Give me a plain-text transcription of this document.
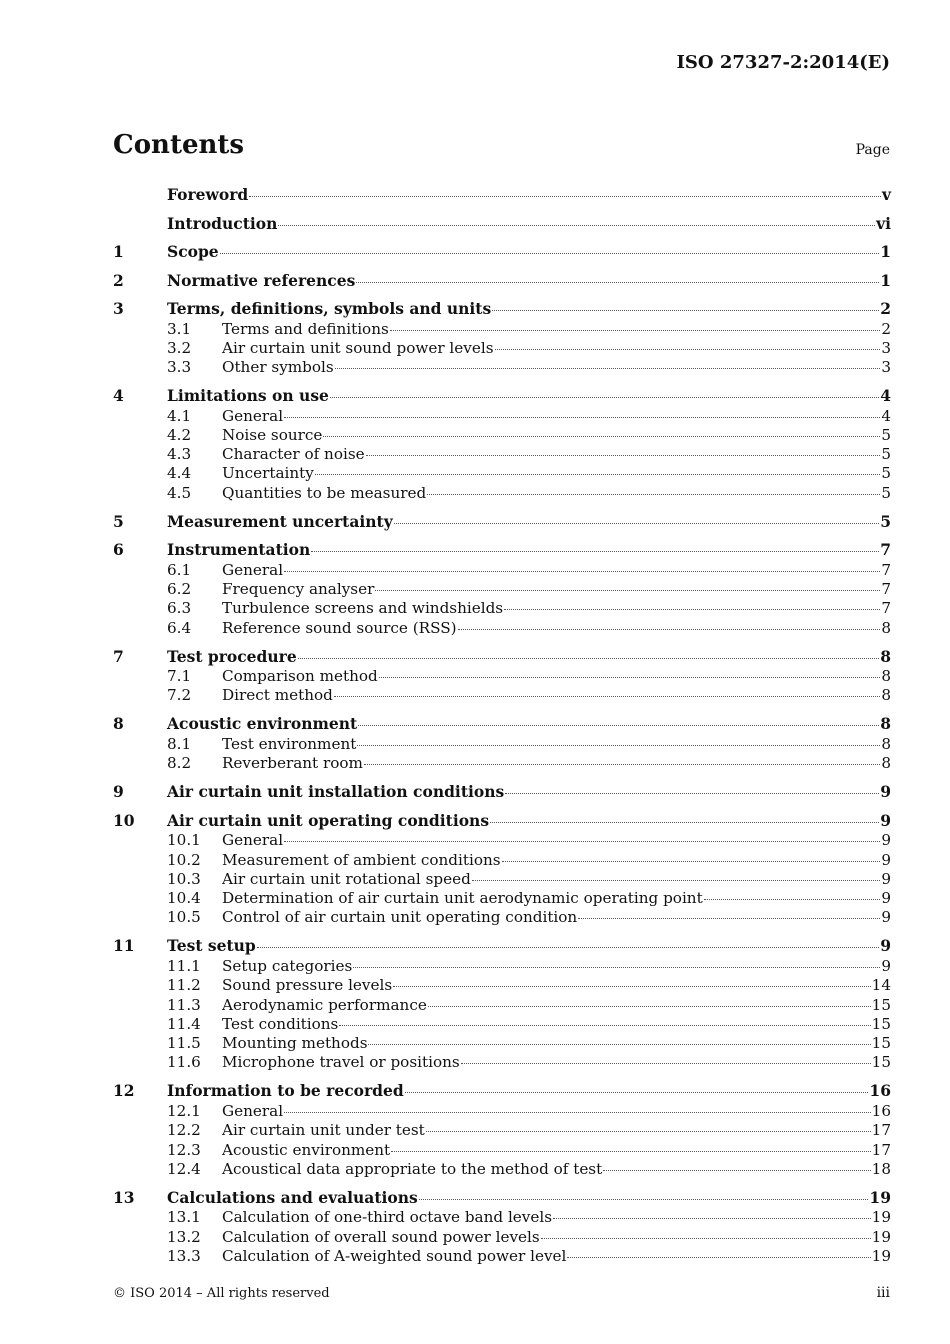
ISO 27327-2:2014(E)
Contents	Page
Foreword	v
Introduction	vi
1	Scope	1
2	Normative references	1
3	Terms, definitions, symbols and units	2
3.1	Terms and definitions	2
3.2	Air curtain unit sound power levels	3
3.3	Other symbols	3
4	Limitations on use	4
4.1	General	4
4.2	Noise source	5
4.3	Character of noise	5
4.4	Uncertainty	5
4.5	Quantities to be measured	5
5	Measurement uncertainty	5
6	Instrumentation	7
6.1	General	7
6.2	Frequency analyser	7
6.3	Turbulence screens and windshields	7
6.4	Reference sound source (RSS)	8
7	Test procedure	8
7.1	Comparison method	8
7.2	Direct method	8
8	Acoustic environment	8
8.1	Test environment	8
8.2	Reverberant room	8
9	Air curtain unit installation conditions	9
10	Air curtain unit operating conditions	9
10.1	General	9
10.2	Measurement of ambient conditions	9
10.3	Air curtain unit rotational speed	9
10.4	Determination of air curtain unit aerodynamic operating point	9
10.5	Control of air curtain unit operating condition	9
11	Test setup	9
11.1	Setup categories	9
11.2	Sound pressure levels	14
11.3	Aerodynamic performance	15
11.4	Test conditions	15
11.5	Mounting methods	15
11.6	Microphone travel or positions	15
12	Information to be recorded	16
12.1	General	16
12.2	Air curtain unit under test	17
12.3	Acoustic environment	17
12.4	Acoustical data appropriate to the method of test	18
13	Calculations and evaluations	19
13.1	Calculation of one-third octave band levels	19
13.2	Calculation of overall sound power levels	19
13.3	Calculation of A-weighted sound power level	19
© ISO 2014 – All rights reserved	iii
